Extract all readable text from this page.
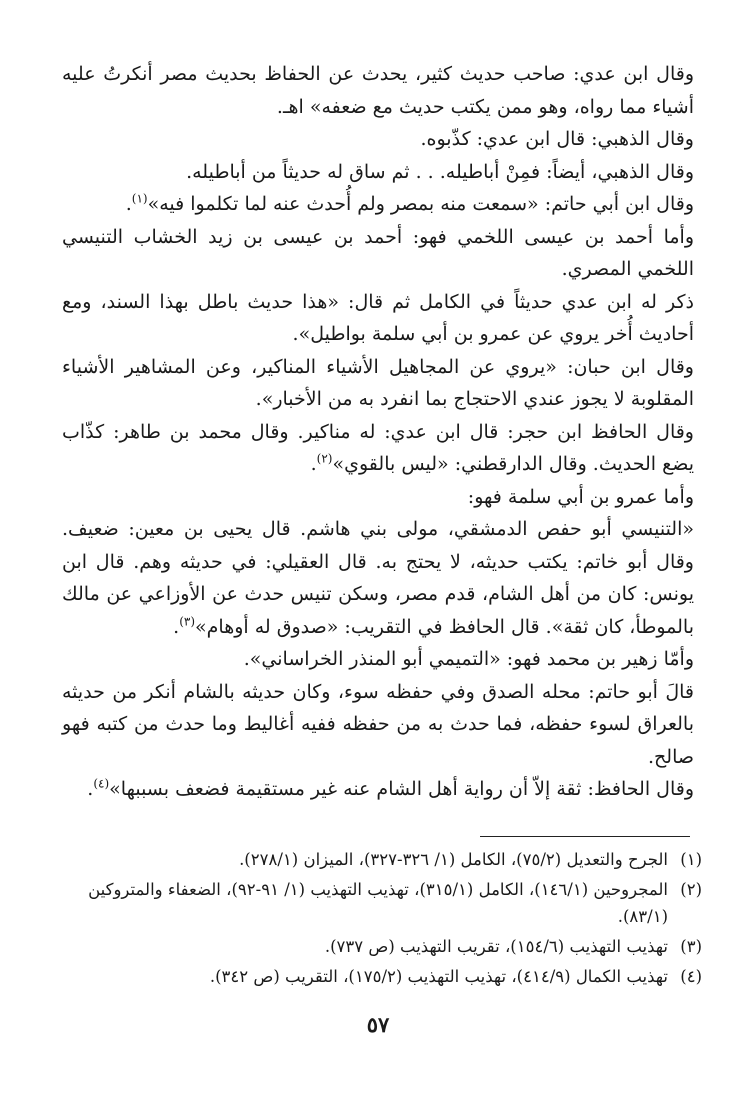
وقال ابن عدي: صاحب حديث كثير، يحدث عن الحفاظ بحديث مصر أنكرتُ عليه أشياء مما رواه، وهو ممن يكتب حديث مع ضعفه» اهـ.

وقال الذهبي: قال ابن عدي: كذّبوه.

وقال الذهبي، أيضاً: فمِنْ أباطيله. . . ثم ساق له حديثاً من أباطيله.

وقال ابن أبي حاتم: «سمعت منه بمصر ولم أُحدث عنه لما تكلموا فيه»$^{(١)}$.

وأما أحمد بن عيسى اللخمي فهو: أحمد بن عيسى بن زيد الخشاب التنيسي اللخمي المصري.

ذكر له ابن عدي حديثاً في الكامل ثم قال: «هذا حديث باطل بهذا السند، ومع أحاديث أُخر يروي عن عمرو بن أبي سلمة بواطيل».

وقال ابن حبان: «يروي عن المجاهيل الأشياء المناكير، وعن المشاهير الأشياء المقلوبة لا يجوز عندي الاحتجاج بما انفرد به من الأخبار».

وقال الحافظ ابن حجر: قال ابن عدي: له مناكير. وقال محمد بن طاهر: كذّاب يضع الحديث. وقال الدارقطني: «ليس بالقوي»$^{(٢)}$.

وأما عمرو بن أبي سلمة فهو:

«التنيسي أبو حفص الدمشقي، مولى بني هاشم. قال يحيى بن معين: ضعيف. وقال أبو خاتم: يكتب حديثه، لا يحتج به. قال العقيلي: في حديثه وهم. قال ابن يونس: كان من أهل الشام، قدم مصر، وسكن تنيس حدث عن الأوزاعي عن مالك بالموطأ، كان ثقة». قال الحافظ في التقريب: «صدوق له أوهام»$^{(٣)}$.

وأمّا زهير بن محمد فهو: «التميمي أبو المنذر الخراساني».

قالَ أبو حاتم: محله الصدق وفي حفظه سوء، وكان حديثه بالشام أنكر من حديثه بالعراق لسوء حفظه، فما حدث به من حفظه ففيه أغاليط وما حدث من كتبه فهو صالح.

وقال الحافظ: ثقة إلاّ أن رواية أهل الشام عنه غير مستقيمة فضعف بسببها»$^{(٤)}$.

(١)
الجرح والتعديل (٧٥/٢)، الكامل (١/ ٣٢٦-٣٢٧)، الميزان (٢٧٨/١).
(٢)
المجروحين (١٤٦/١)، الكامل (٣١٥/١)، تهذيب التهذيب (١/ ٩١-٩٢)، الضعفاء والمتروكين (٨٣/١).
(٣)
تهذيب التهذيب (١٥٤/٦)، تقريب التهذيب (ص ٧٣٧).
(٤)
تهذيب الكمال (٤١٤/٩)، تهذيب التهذيب (١٧٥/٢)، التقريب (ص ٣٤٢).
٥٧
